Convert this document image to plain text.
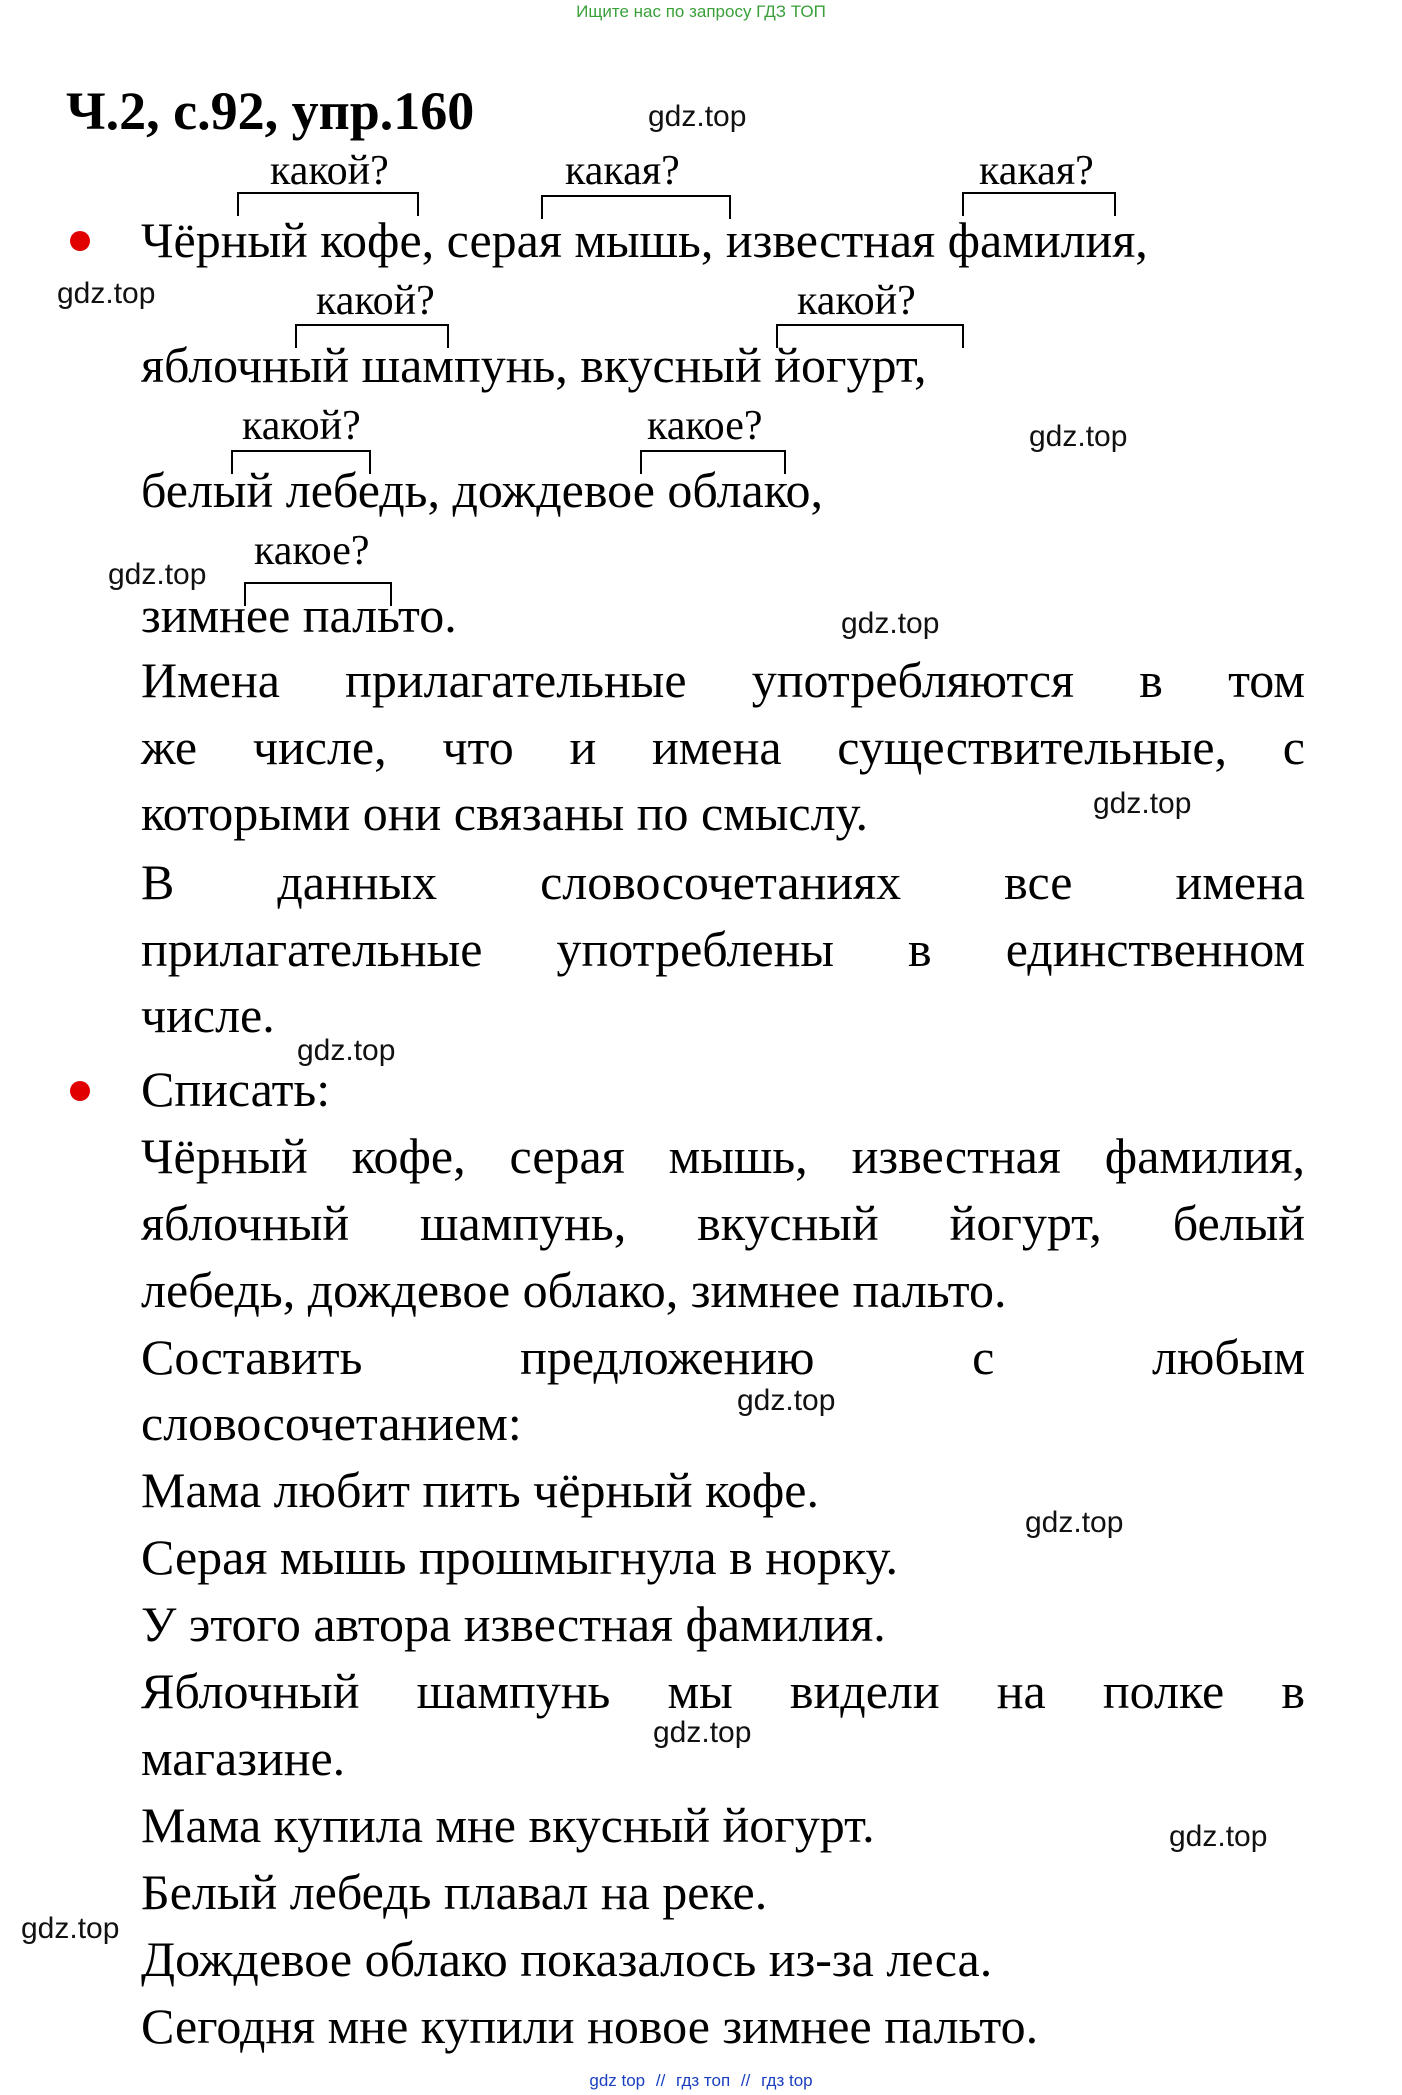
Ищите нас по запросу ГДЗ ТОП
Ч.2, с.92, упр.160	gdz.top
gdz.top
gdz.top
gdz.top
gdz.top
gdz.top
gdz.top
gdz.top
gdz.top
gdz.top
gdz.top
gdz.top
какой?	какая?	какая?
какой?	какой?
какой?	какое?
какое?
Чёрный кофе, серая мышь, известная фамилия,
яблочный шампунь, вкусный йогурт,
белый лебедь, дождевое облако,
зимнее пальто.
Имена прилагательные употребляются в том
же числе, что и имена существительные, с
которыми они связаны по смыслу.
В данных словосочетаниях все имена
прилагательные употреблены в единственном
числе.
Списать:
Чёрный кофе, серая мышь, известная фамилия,
яблочный шампунь, вкусный йогурт, белый
лебедь, дождевое облако, зимнее пальто.
Составить предложению с любым
словосочетанием:
Мама любит пить чёрный кофе.
Серая мышь прошмыгнула в норку.
У этого автора известная фамилия.
Яблочный шампунь мы видели на полке в
магазине.
Мама купила мне вкусный йогурт.
Белый лебедь плавал на реке.
Дождевое облако показалось из-за леса.
Сегодня мне купили новое зимнее пальто.
gdz top // гдз топ // гдз top
